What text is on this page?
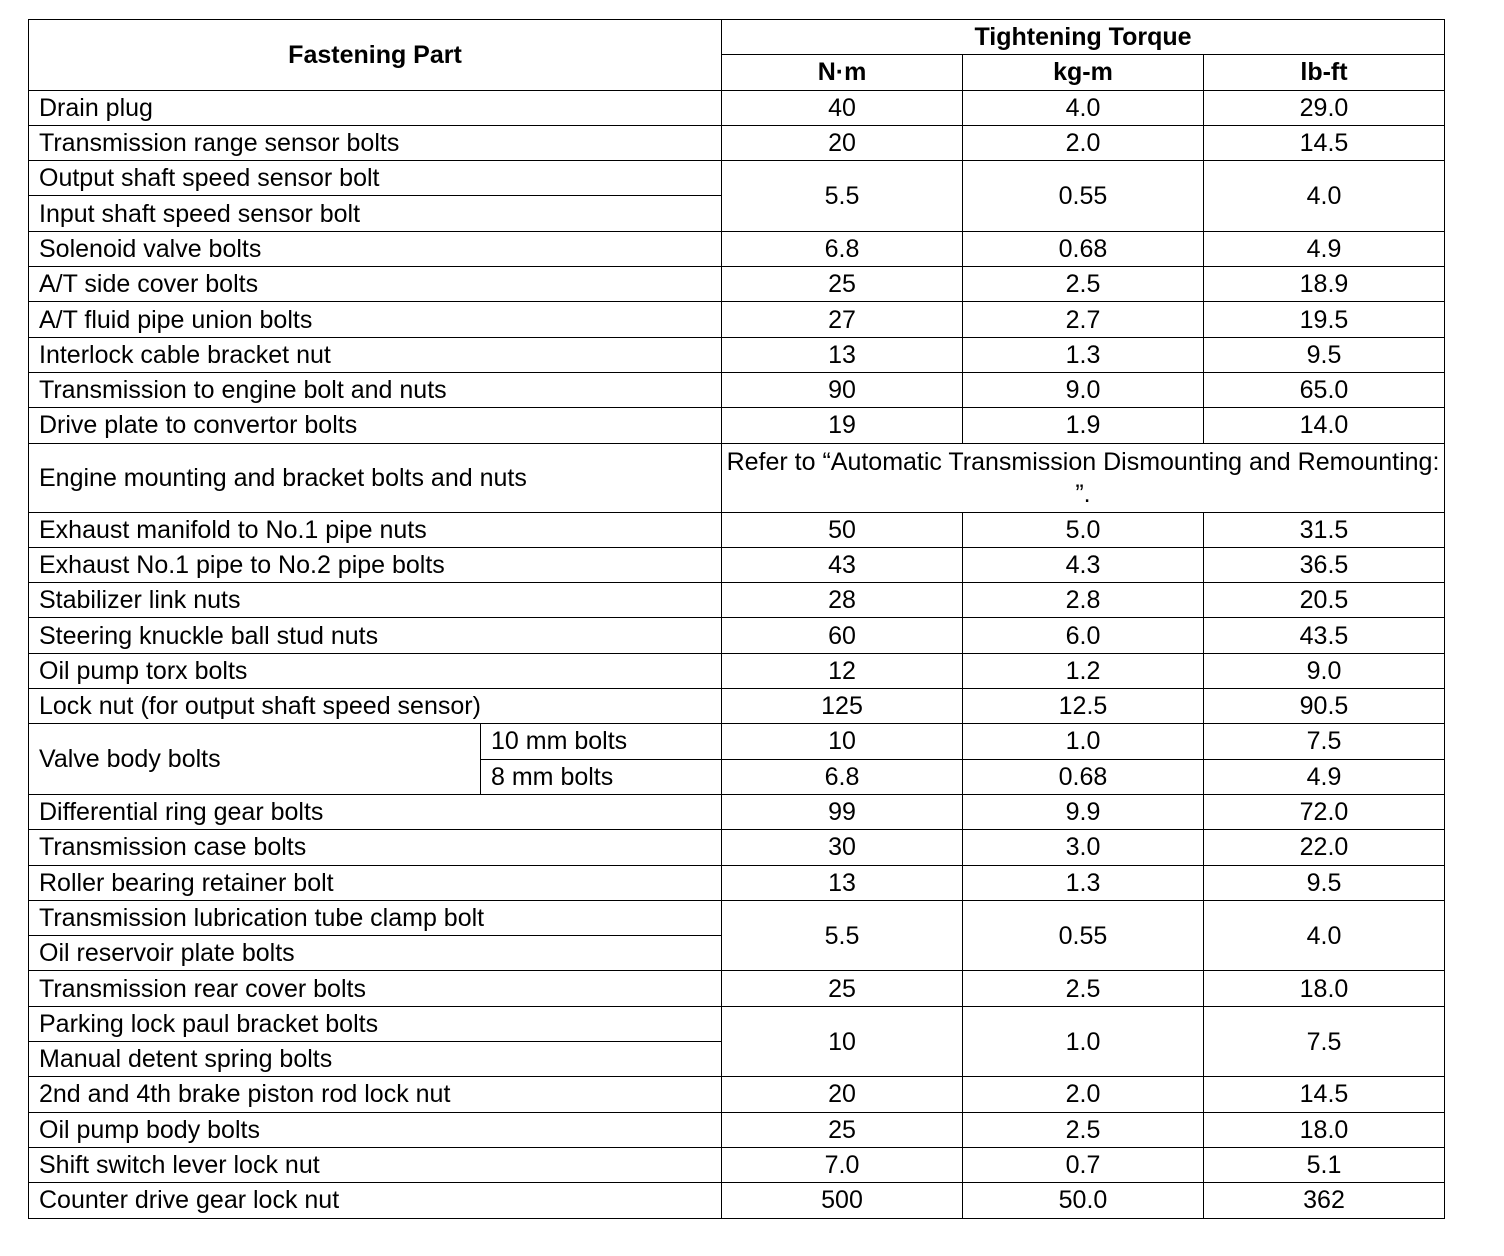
Fastening Part		Tightening Torque		
		N·m	kg-m	lb-ft
Drain plug		40	4.0	29.0
Transmission range sensor bolts		20	2.0	14.5
Output shaft speed sensor bolt		5.5	0.55	4.0
Input shaft speed sensor bolt				
Solenoid valve bolts		6.8	0.68	4.9
A/T side cover bolts		25	2.5	18.9
A/T fluid pipe union bolts		27	2.7	19.5
Interlock cable bracket nut		13	1.3	9.5
Transmission to engine bolt and nuts		90	9.0	65.0
Drive plate to convertor bolts		19	1.9	14.0
Engine mounting and bracket bolts and nuts		Refer to “Automatic Transmission Dismounting and Remounting: ”.		
Exhaust manifold to No.1 pipe nuts		50	5.0	31.5
Exhaust No.1 pipe to No.2 pipe bolts		43	4.3	36.5
Stabilizer link nuts		28	2.8	20.5
Steering knuckle ball stud nuts		60	6.0	43.5
Oil pump torx bolts		12	1.2	9.0
Lock nut (for output shaft speed sensor)		125	12.5	90.5
Valve body bolts	10 mm bolts	10	1.0	7.5
	8 mm bolts	6.8	0.68	4.9
Differential ring gear bolts		99	9.9	72.0
Transmission case bolts		30	3.0	22.0
Roller bearing retainer bolt		13	1.3	9.5
Transmission lubrication tube clamp bolt		5.5	0.55	4.0
Oil reservoir plate bolts				
Transmission rear cover bolts		25	2.5	18.0
Parking lock paul bracket bolts		10	1.0	7.5
Manual detent spring bolts				
2nd and 4th brake piston rod lock nut		20	2.0	14.5
Oil pump body bolts		25	2.5	18.0
Shift switch lever lock nut		7.0	0.7	5.1
Counter drive gear lock nut		500	50.0	362
